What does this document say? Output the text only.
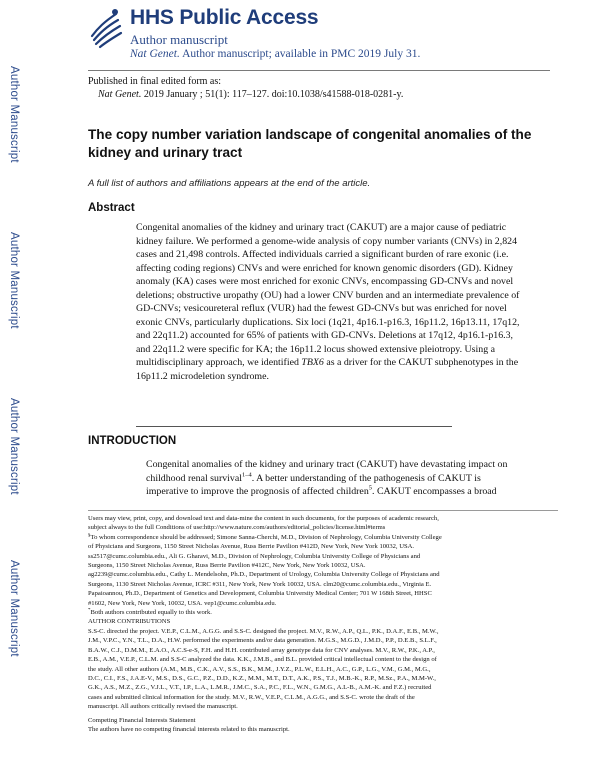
Author Manuscript
Author Manuscript
Author Manuscript
Author Manuscript
HHS Public Access
Author manuscript
Nat Genet. Author manuscript; available in PMC 2019 July 31.
Published in final edited form as:
Nat Genet. 2019 January ; 51(1): 117–127. doi:10.1038/s41588-018-0281-y.
The copy number variation landscape of congenital anomalies of the kidney and urinary tract
A full list of authors and affiliations appears at the end of the article.
Abstract
Congenital anomalies of the kidney and urinary tract (CAKUT) are a major cause of pediatric
kidney failure. We performed a genome-wide analysis of copy number variants (CNVs) in 2,824
cases and 21,498 controls. Affected individuals carried a significant burden of rare exonic (i.e.
affecting coding regions) CNVs and were enriched for known genomic disorders (GD). Kidney
anomaly (KA) cases were most enriched for exonic CNVs, encompassing GD-CNVs and novel
deletions; obstructive uropathy (OU) had a lower CNV burden and an intermediate prevalence of
GD-CNVs; vesicoureteral reflux (VUR) had the fewest GD-CNVs but was enriched for novel
exonic CNVs, particularly duplications. Six loci (1q21, 4p16.1-p16.3, 16p11.2, 16p13.11, 17q12,
and 22q11.2) accounted for 65% of patients with GD-CNVs. Deletions at 17q12, 4p16.1-p16.3,
and 22q11.2 were specific for KA; the 16p11.2 locus showed extensive pleiotropy. Using a
multidisciplinary approach, we identified TBX6 as a driver for the CAKUT subphenotypes in the
16p11.2 microdeletion syndrome.
INTRODUCTION
Congenital anomalies of the kidney and urinary tract (CAKUT) have devastating impact on
childhood renal survival$^{1-4}$. A better understanding of the pathogenesis of CAKUT is
imperative to improve the prognosis of affected children$^5$. CAKUT encompasses a broad
Users may view, print, copy, and download text and data-mine the content in such documents, for the purposes of academic research,
subject always to the full Conditions of use:http://www.nature.com/authors/editorial_policies/license.html#terms
§To whom correspondence should be addressed; Simone Sanna-Cherchi, M.D., Division of Nephrology, Columbia University College
of Physicians and Surgeons, 1150 Street Nicholas Avenue, Russ Berrie Pavilion #412D, New York, New York 10032, USA.
ss2517@cumc.columbia.edu., Ali G. Gharavi, M.D., Division of Nephrology, Columbia University College of Physicians and
Surgeons, 1150 Street Nicholas Avenue, Russ Berrie Pavilion #412C, New York, New York 10032, USA.
ag2239@cumc.columbia.edu., Cathy L. Mendelsohn, Ph.D., Department of Urology, Columbia University College of Physicians and
Surgeons, 1130 Street Nicholas Avenue, ICRC #311, New York, New York 10032, USA. clm20@cumc.columbia.edu., Virginia E.
Papaioannou, Ph.D., Department of Genetics and Development, Columbia University Medical Center; 701 W 168th Street, HHSC
#1602, New York, New York, 10032, USA. vep1@cumc.columbia.edu.
*Both authors contributed equally to this work.
AUTHOR CONTRIBUTIONS
S.S-C. directed the project. V.E.P., C.L.M., A.G.G. and S.S-C. designed the project. M.V., R.W., A.P., Q.L., P.K., D.A.F., E.B., M.W.,
J.M., V.P.C., Y.N., T.L., D.A., H.W. performed the experiments and/or data generation. M.G.S., M.G.D., J.M.D., P.P., D.E.B., S.L.F.,
B.A.W., C.J., D.M.M., E.A.O., A.C.S-e-S, F.H. and H.H. contributed array genotype data for CNV analyses. M.V., R.W., P.K., A.P.,
E.B., A.M., V.E.P., C.L.M. and S.S-C analyzed the data. K.K., J.M.B., and B.L. provided critical intellectual content to the design of
the study. All other authors (A.M., M.B., C.K., A.V., S.S., B.K., M.M., J.Y.Z., P.L.W., E.L.H., A.C., G.P., L.G., V.M., G.M., M.G.,
D.C., C.I., F.S., J.A.E-V., M.S., D.S., G.C., P.Z., D.D., K.Z., M.M., M.T., D.T., A.K., P.S., T.J., M.B.-K., R.P., M.Sz., P.A., M.M-W.,
G.K., A.S., M.Z., Z.G., V.J.L., V.T., I.P., L.A., L.M.R., J.M.C., S.A., P.C., F.L., W.N., G.M.G., A.L-B., A.M.-K. and F.Z.) recruited
cases and submitted clinical information for the study. M.V., R.W., V.E.P., C.L.M., A.G.G., and S.S-C. wrote the draft of the
manuscript. All authors critically revised the manuscript.
Competing Financial Interests Statement
The authors have no competing financial interests related to this manuscript.
